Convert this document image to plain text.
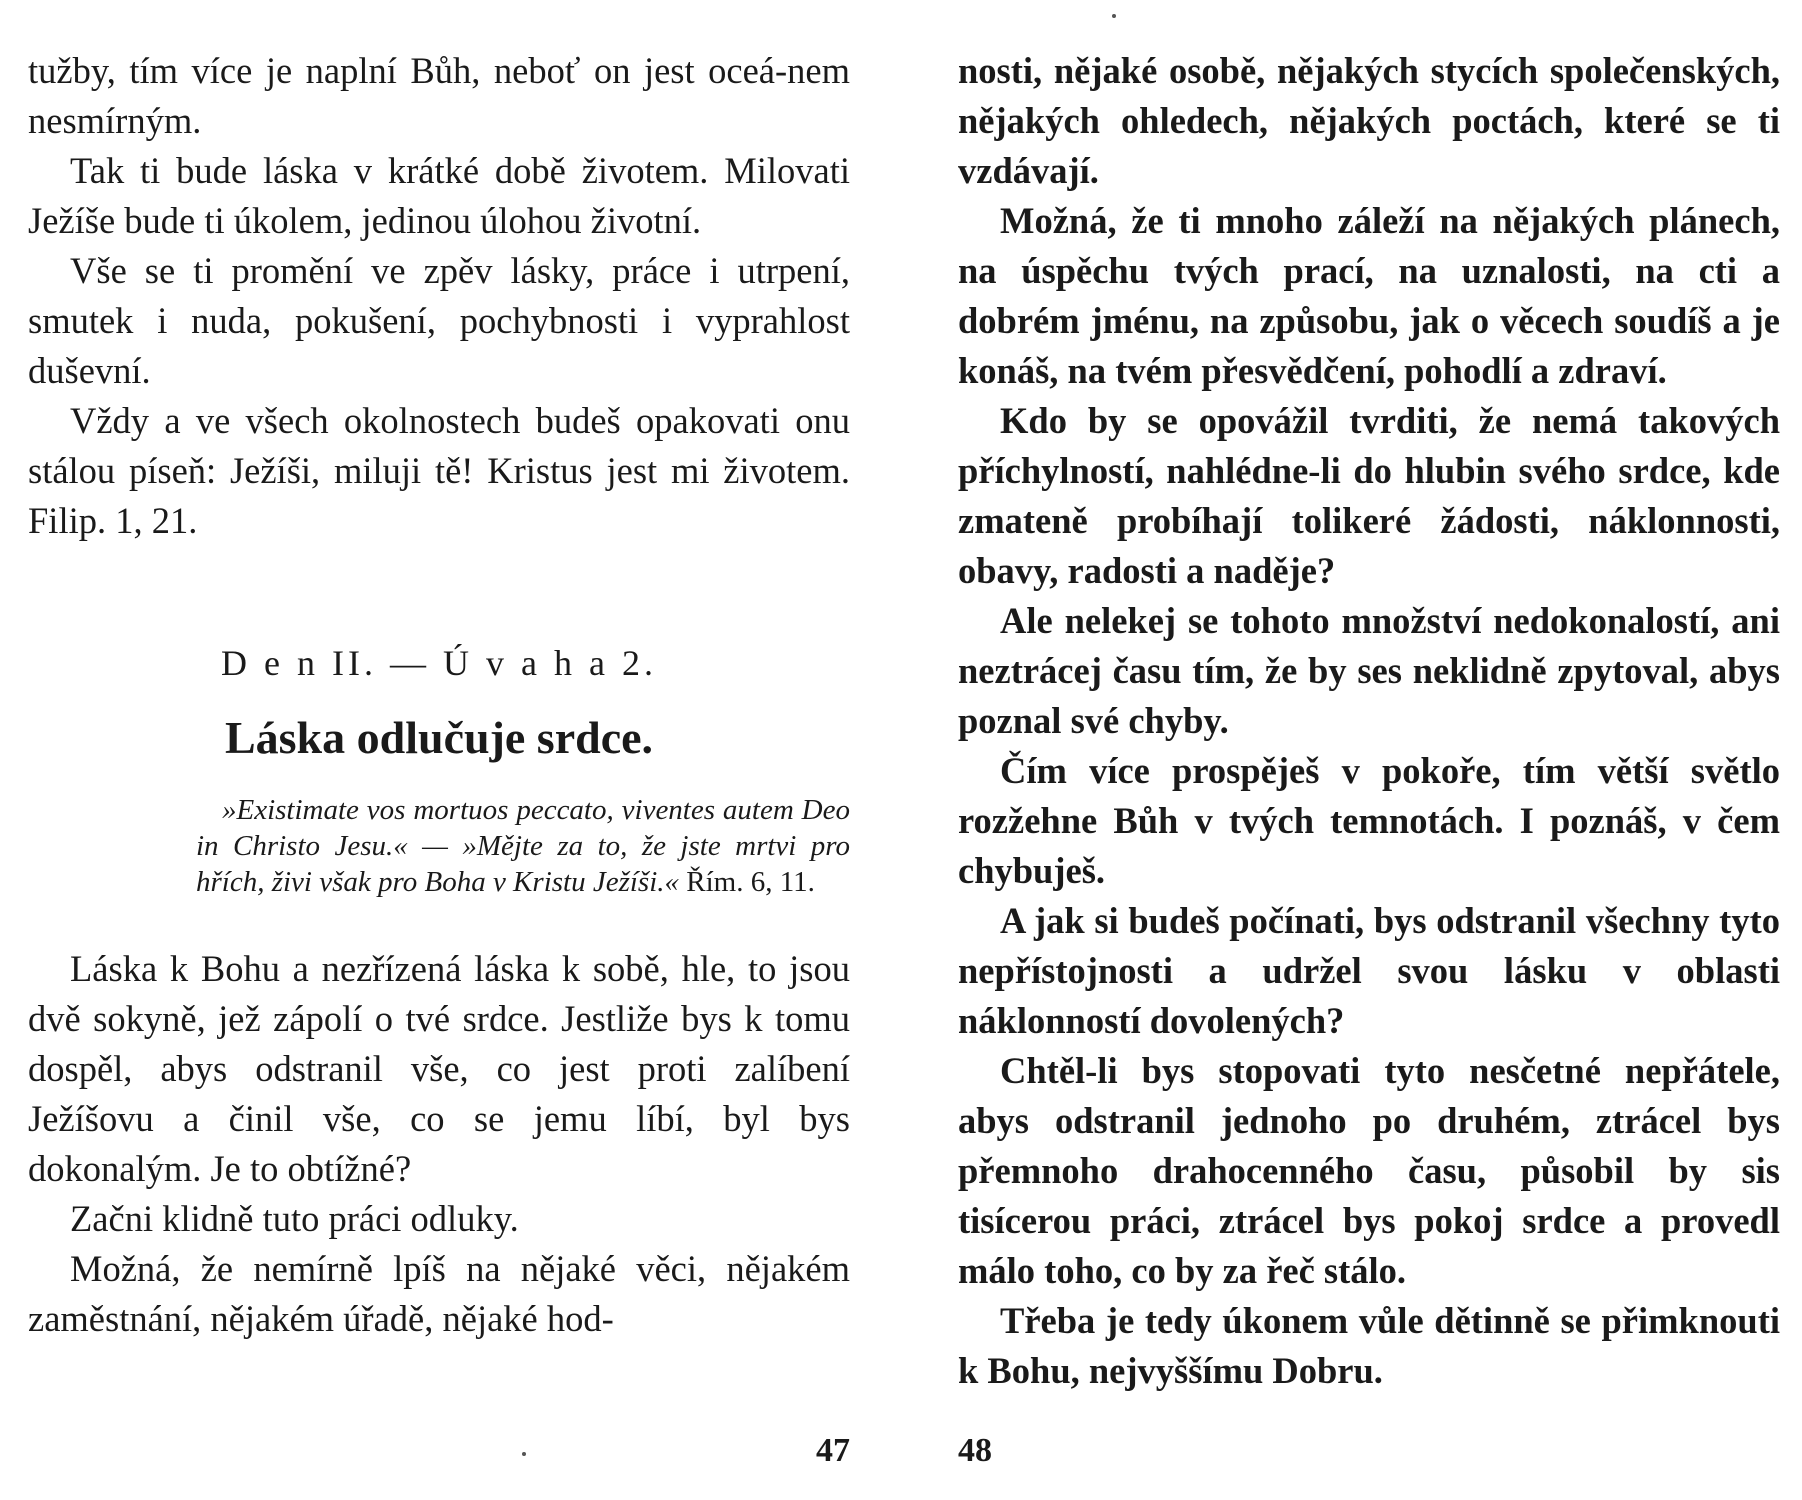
tužby, tím více je naplní Bůh, neboť on jest oceá-nem nesmírným.

Tak ti bude láska v krátké době životem. Milovati Ježíše bude ti úkolem, jedinou úlohou životní.

Vše se ti promění ve zpěv lásky, práce i utrpení, smutek i nuda, pokušení, pochybnosti i vyprahlost duševní.

Vždy a ve všech okolnostech budeš opakovati onu stálou píseň: Ježíši, miluji tě! Kristus jest mi životem. Filip. 1, 21.

D e n II. — Ú v a h a 2.
Láska odlučuje srdce.
»Existimate vos mortuos peccato, viventes autem Deo in Christo Jesu.« — »Mějte za to, že jste mrtvi pro hřích, živi však pro Boha v Kristu Ježíši.« Řím. 6, 11.

Láska k Bohu a nezřízená láska k sobě, hle, to jsou dvě sokyně, jež zápolí o tvé srdce. Jestliže bys k tomu dospěl, abys odstranil vše, co jest proti zalíbení Ježíšovu a činil vše, co se jemu líbí, byl bys dokonalým. Je to obtížné?

Začni klidně tuto práci odluky.

Možná, že nemírně lpíš na nějaké věci, nějakém zaměstnání, nějakém úřadě, nějaké hod-

47

nosti, nějaké osobě, nějakých stycích společenských, nějakých ohledech, nějakých poctách, které se ti vzdávají.

Možná, že ti mnoho záleží na nějakých plánech, na úspěchu tvých prací, na uznalosti, na cti a dobrém jménu, na způsobu, jak o věcech soudíš a je konáš, na tvém přesvědčení, pohodlí a zdraví.

Kdo by se opovážil tvrditi, že nemá takových příchylností, nahlédne-li do hlubin svého srdce, kde zmateně probíhají tolikeré žádosti, náklonnosti, obavy, radosti a naděje?

Ale nelekej se tohoto množství nedokonalostí, ani neztrácej času tím, že by ses neklidně zpytoval, abys poznal své chyby.

Čím více prospěješ v pokoře, tím větší světlo rozžehne Bůh v tvých temnotách. I poznáš, v čem chybuješ.

A jak si budeš počínati, bys odstranil všechny tyto nepřístojnosti a udržel svou lásku v oblasti náklonností dovolených?

Chtěl-li bys stopovati tyto nesčetné nepřátele, abys odstranil jednoho po druhém, ztrácel bys přemnoho drahocenného času, působil by sis tisícerou práci, ztrácel bys pokoj srdce a provedl málo toho, co by za řeč stálo.

Třeba je tedy úkonem vůle dětinně se přimknouti k Bohu, nejvyššímu Dobru.

48
